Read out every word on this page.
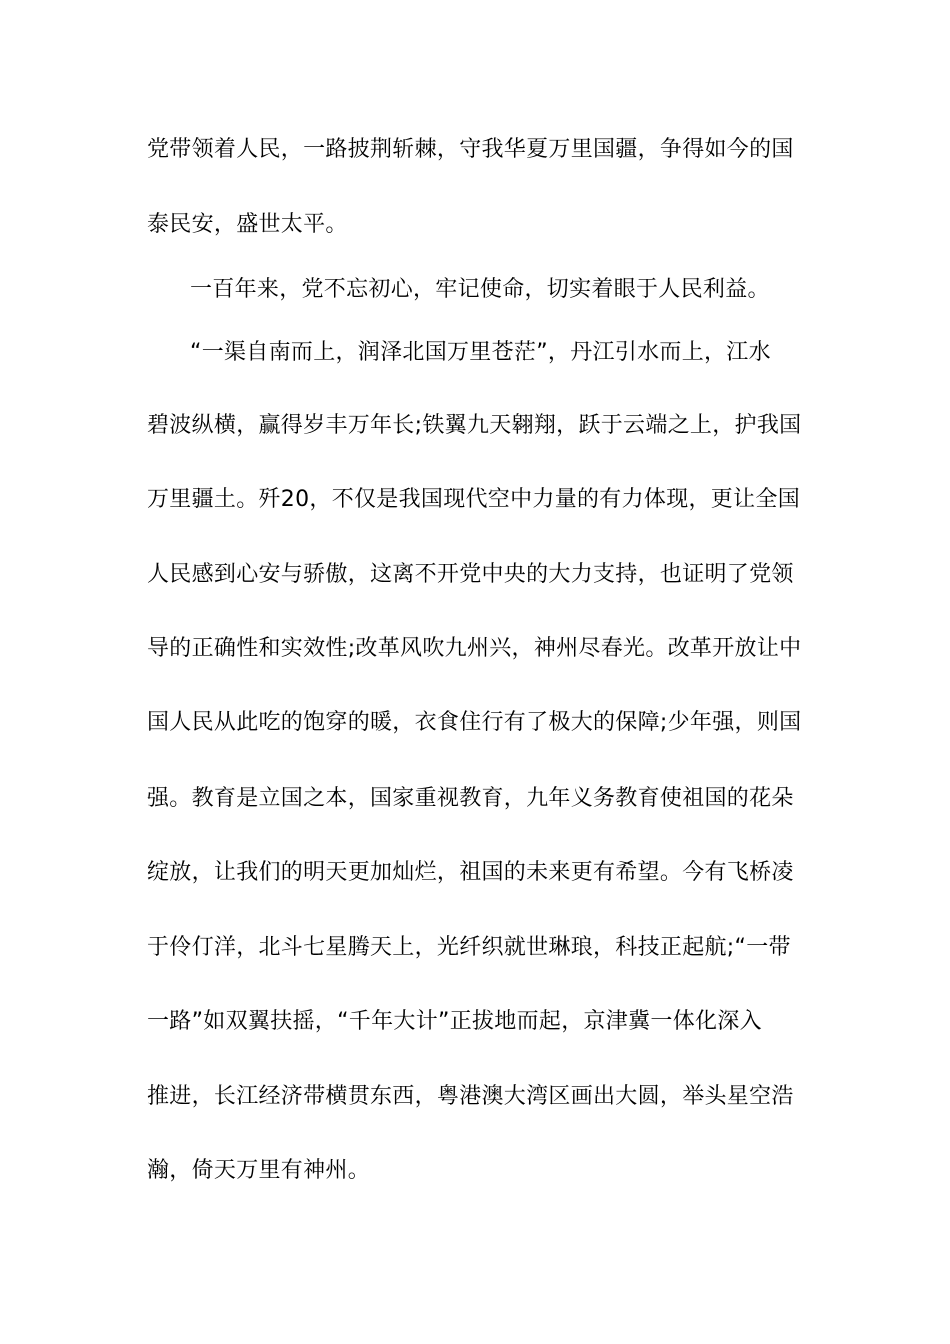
党带领着人民，一路披荆斩棘，守我华夏万里国疆，争得如今的国
泰民安，盛世太平。
一百年来，党不忘初心，牢记使命，切实着眼于人民利益。
“一渠自南而上，润泽北国万里苍茫”，丹江引水而上，江水
碧波纵横，赢得岁丰万年长;铁翼九天翱翔，跃于云端之上，护我国
万里疆土。歼20，不仅是我国现代空中力量的有力体现，更让全国
人民感到心安与骄傲，这离不开党中央的大力支持，也证明了党领
导的正确性和实效性;改革风吹九州兴，神州尽春光。改革开放让中
国人民从此吃的饱穿的暖，衣食住行有了极大的保障;少年强，则国
强。教育是立国之本，国家重视教育，九年义务教育使祖国的花朵
绽放，让我们的明天更加灿烂，祖国的未来更有希望。今有飞桥凌
于伶仃洋，北斗七星腾天上，光纤织就世琳琅，科技正起航;“一带
一路”如双翼扶摇，“千年大计”正拔地而起，京津冀一体化深入
推进，长江经济带横贯东西，粤港澳大湾区画出大圆，举头星空浩
瀚，倚天万里有神州。
